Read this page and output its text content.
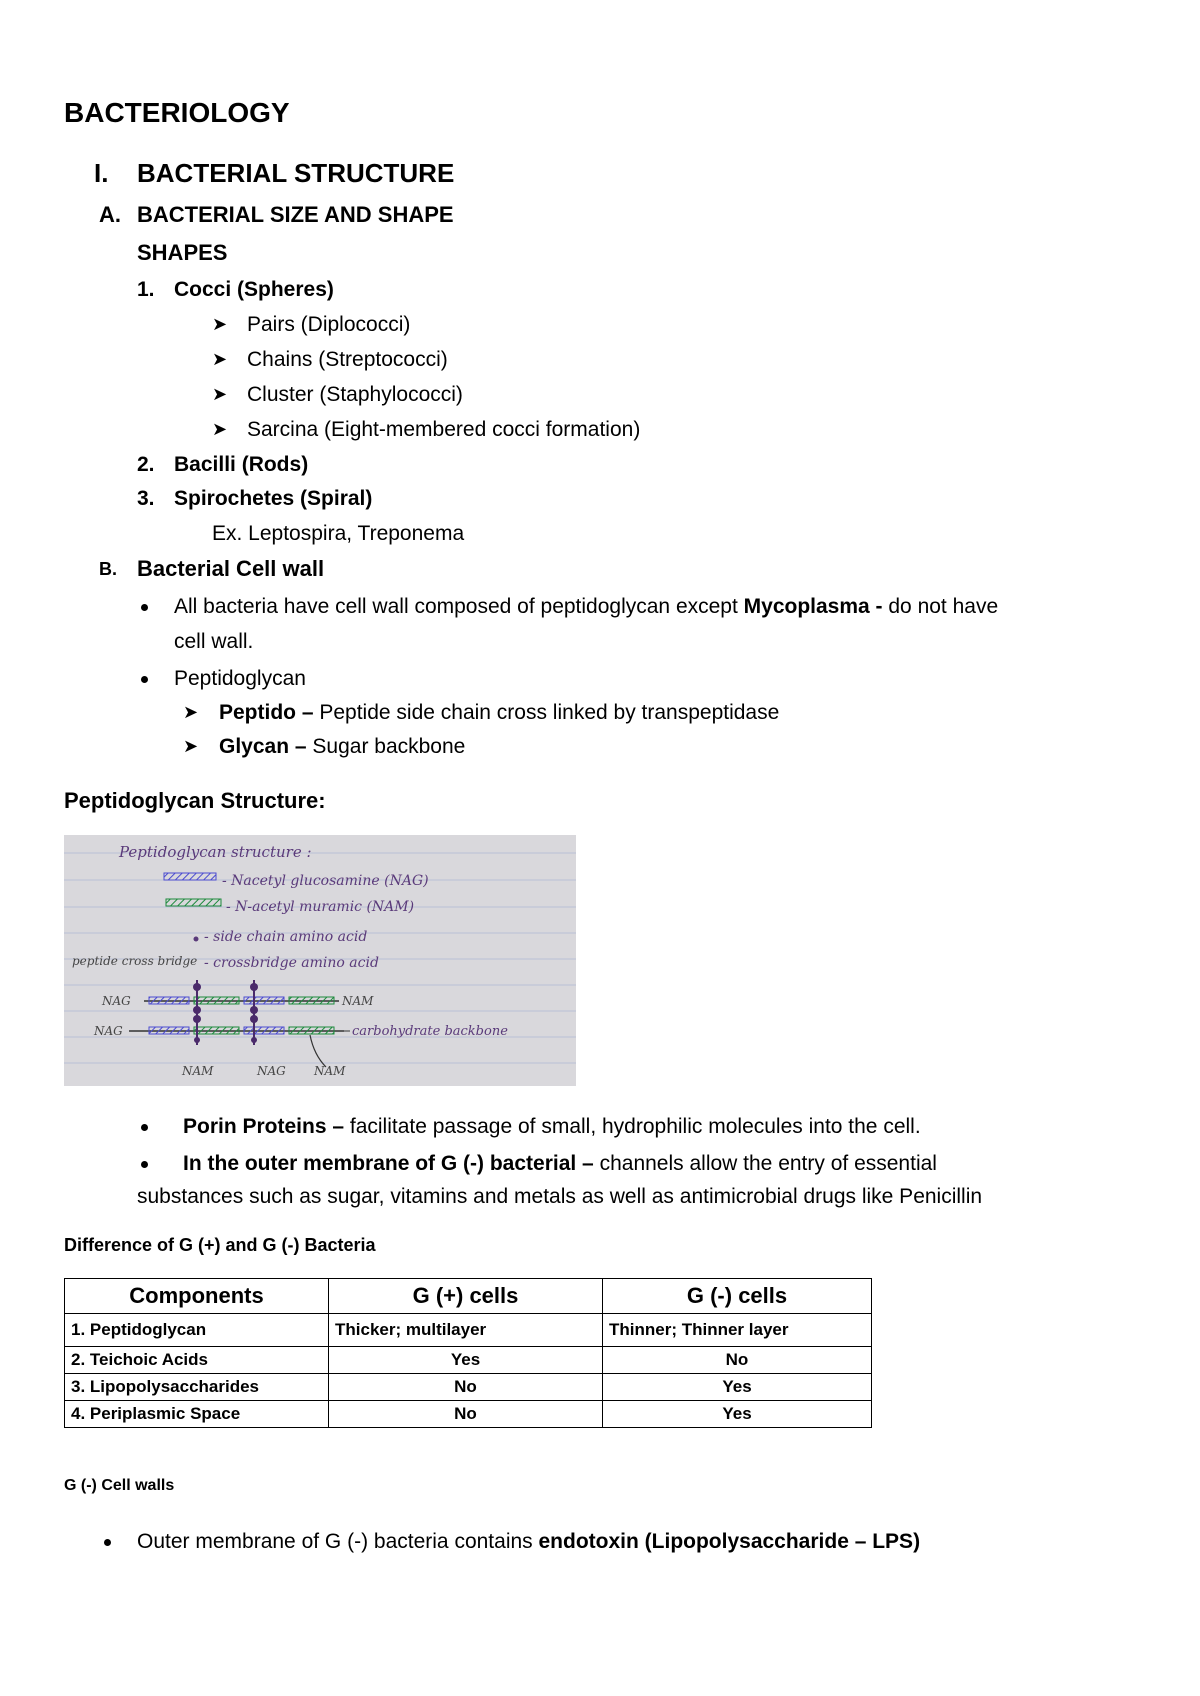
BACTERIOLOGY
I. BACTERIAL STRUCTURE
A. BACTERIAL SIZE AND SHAPE
SHAPES
1. Cocci (Spheres)
➤ Pairs (Diplococci)
➤ Chains (Streptococci)
➤ Cluster (Staphylococci)
➤ Sarcina (Eight-membered cocci formation)
2. Bacilli (Rods)
3. Spirochetes (Spiral)
Ex. Leptospira, Treponema
B. Bacterial Cell wall
All bacteria have cell wall composed of peptidoglycan except Mycoplasma - do not have
cell wall.
Peptidoglycan
➤ Peptido – Peptide side chain cross linked by transpeptidase
➤ Glycan – Sugar backbone
Peptidoglycan Structure:
Peptidoglycan structure :
- Nacetyl glucosamine (NAG)
- N-acetyl muramic (NAM)
- side chain amino acid
peptide cross bridge - crossbridge amino acid
NAG
NAG
NAM
carbohydrate backbone
NAM	NAG NAM
Porin Proteins – facilitate passage of small, hydrophilic molecules into the cell.
In the outer membrane of G (-) bacterial – channels allow the entry of essential
substances such as sugar, vitamins and metals as well as antimicrobial drugs like Penicillin
Difference of G (+) and G (-) Bacteria
Components	G (+) cells	G (-) cells
1. Peptidoglycan	Thicker; multilayer	Thinner; Thinner layer
2. Teichoic Acids	Yes	No
3. Lipopolysaccharides	No	Yes
4. Periplasmic Space	No	Yes
G (-) Cell walls
Outer membrane of G (-) bacteria contains endotoxin (Lipopolysaccharide – LPS)
